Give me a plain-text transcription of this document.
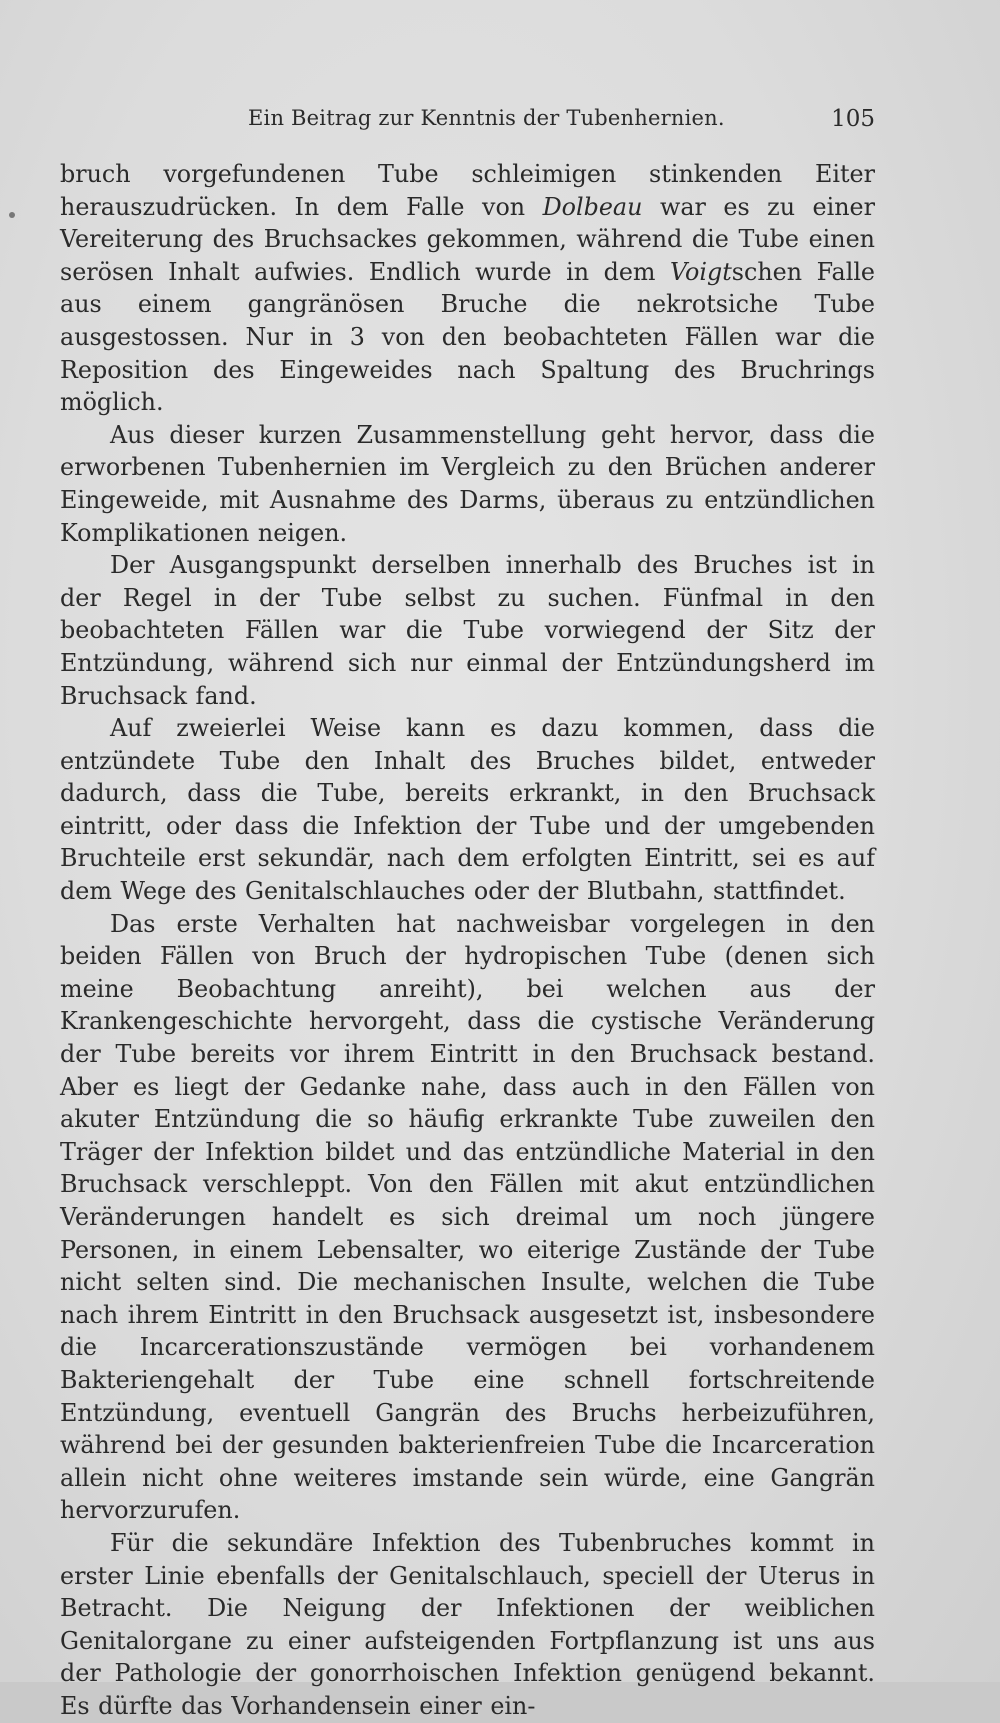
Ein Beitrag zur Kenntnis der Tubenhernien.	105

bruch vorgefundenen Tube schleimigen stinkenden Eiter herauszudrücken. In dem Falle von Dolbeau war es zu einer Vereiterung des Bruchsackes gekommen, während die Tube einen serösen Inhalt aufwies. Endlich wurde in dem Voigtschen Falle aus einem gangränösen Bruche die nekrotsiche Tube ausgestossen. Nur in 3 von den beobachteten Fällen war die Reposition des Eingeweides nach Spaltung des Bruchrings möglich.

Aus dieser kurzen Zusammenstellung geht hervor, dass die erworbenen Tubenhernien im Vergleich zu den Brüchen anderer Eingeweide, mit Ausnahme des Darms, überaus zu entzündlichen Komplikationen neigen.

Der Ausgangspunkt derselben innerhalb des Bruches ist in der Regel in der Tube selbst zu suchen. Fünfmal in den beobachteten Fällen war die Tube vorwiegend der Sitz der Entzündung, während sich nur einmal der Entzündungsherd im Bruchsack fand.

Auf zweierlei Weise kann es dazu kommen, dass die entzündete Tube den Inhalt des Bruches bildet, entweder dadurch, dass die Tube, bereits erkrankt, in den Bruchsack eintritt, oder dass die Infektion der Tube und der umgebenden Bruchteile erst sekundär, nach dem erfolgten Eintritt, sei es auf dem Wege des Genitalschlauches oder der Blutbahn, stattfindet.

Das erste Verhalten hat nachweisbar vorgelegen in den beiden Fällen von Bruch der hydropischen Tube (denen sich meine Beobachtung anreiht), bei welchen aus der Krankengeschichte hervorgeht, dass die cystische Veränderung der Tube bereits vor ihrem Eintritt in den Bruchsack bestand. Aber es liegt der Gedanke nahe, dass auch in den Fällen von akuter Entzündung die so häufig erkrankte Tube zuweilen den Träger der Infektion bildet und das entzündliche Material in den Bruchsack verschleppt. Von den Fällen mit akut entzündlichen Veränderungen handelt es sich dreimal um noch jüngere Personen, in einem Lebensalter, wo eiterige Zustände der Tube nicht selten sind. Die mechanischen Insulte, welchen die Tube nach ihrem Eintritt in den Bruchsack ausgesetzt ist, insbesondere die Incarcerationszustände vermögen bei vorhandenem Bakteriengehalt der Tube eine schnell fortschreitende Entzündung, eventuell Gangrän des Bruchs herbeizuführen, während bei der gesunden bakterienfreien Tube die Incarceration allein nicht ohne weiteres imstande sein würde, eine Gangrän hervorzurufen.

Für die sekundäre Infektion des Tubenbruches kommt in erster Linie ebenfalls der Genitalschlauch, speciell der Uterus in Betracht. Die Neigung der Infektionen der weiblichen Genitalorgane zu einer aufsteigenden Fortpflanzung ist uns aus der Pathologie der gonorrhoischen Infektion genügend bekannt. Es dürfte das Vorhandensein einer ein-
